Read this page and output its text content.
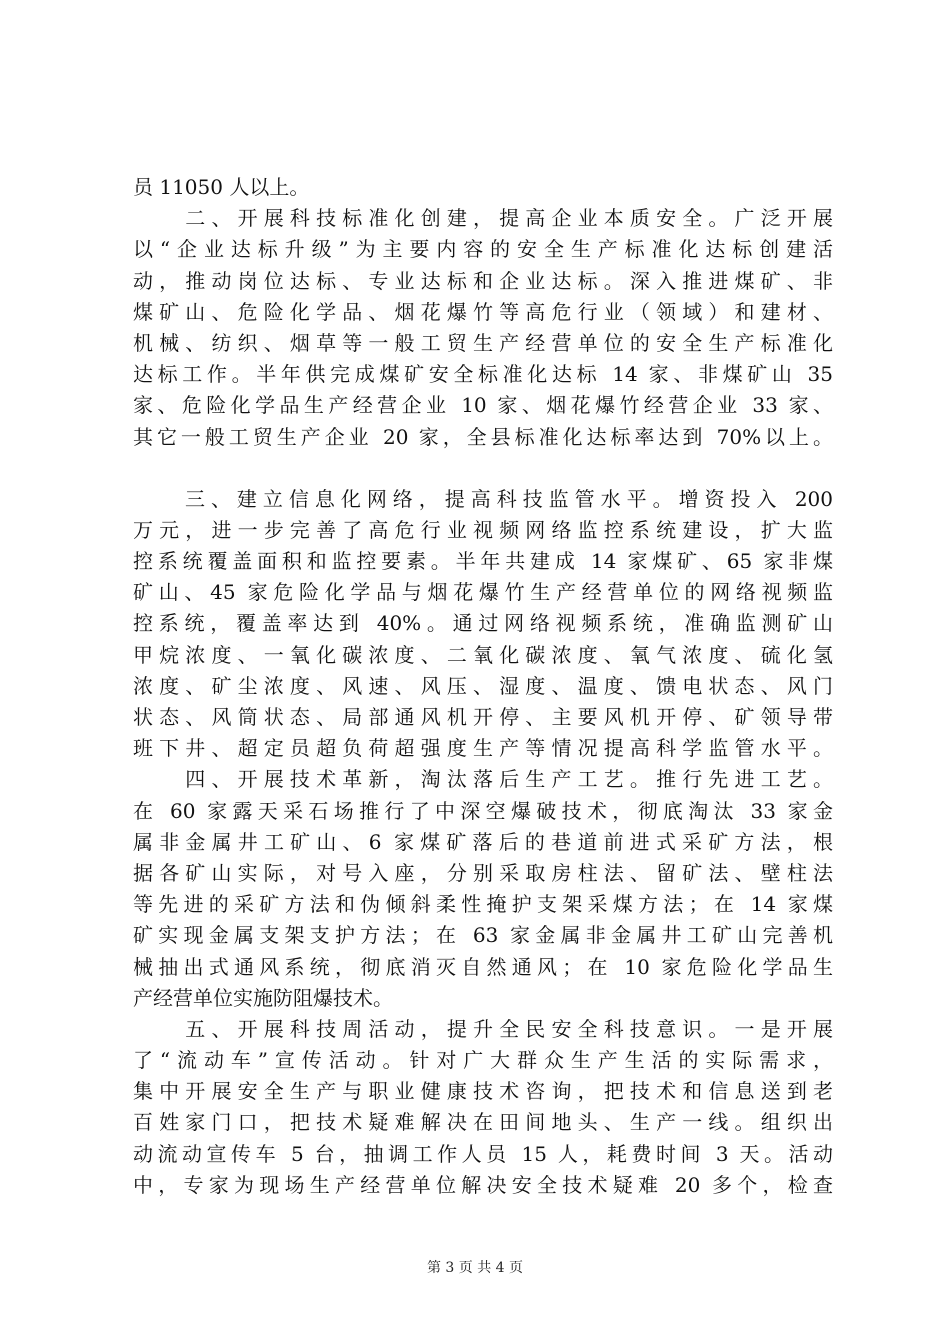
员 11050 人以上。
　　二、开展科技标准化创建，提高企业本质安全。广泛开展
以“企业达标升级”为主要内容的安全生产标准化达标创建活
动，推动岗位达标、专业达标和企业达标。深入推进煤矿、非
煤矿山、危险化学品、烟花爆竹等高危行业（领域）和建材、
机械、纺织、烟草等一般工贸生产经营单位的安全生产标准化
达标工作。半年供完成煤矿安全标准化达标 14 家、非煤矿山 35
家、危险化学品生产经营企业 10 家、烟花爆竹经营企业 33 家、
其它一般工贸生产企业 20 家，全县标准化达标率达到 70%以上。
　　三、建立信息化网络，提高科技监管水平。增资投入 200
万元，进一步完善了高危行业视频网络监控系统建设，扩大监
控系统覆盖面积和监控要素。半年共建成 14 家煤矿、65 家非煤
矿山、45 家危险化学品与烟花爆竹生产经营单位的网络视频监
控系统，覆盖率达到 40%。通过网络视频系统，准确监测矿山
甲烷浓度、一氧化碳浓度、二氧化碳浓度、氧气浓度、硫化氢
浓度、矿尘浓度、风速、风压、湿度、温度、馈电状态、风门
状态、风筒状态、局部通风机开停、主要风机开停、矿领导带
班下井、超定员超负荷超强度生产等情况提高科学监管水平。
　　四、开展技术革新，淘汰落后生产工艺。推行先进工艺。
在 60 家露天采石场推行了中深空爆破技术，彻底淘汰 33 家金
属非金属井工矿山、6 家煤矿落后的巷道前进式采矿方法，根
据各矿山实际，对号入座，分别采取房柱法、留矿法、壁柱法
等先进的采矿方法和伪倾斜柔性掩护支架采煤方法；在 14 家煤
矿实现金属支架支护方法；在 63 家金属非金属井工矿山完善机
械抽出式通风系统，彻底消灭自然通风；在 10 家危险化学品生
产经营单位实施防阻爆技术。
　　五、开展科技周活动，提升全民安全科技意识。一是开展
了“流动车”宣传活动。针对广大群众生产生活的实际需求，
集中开展安全生产与职业健康技术咨询，把技术和信息送到老
百姓家门口，把技术疑难解决在田间地头、生产一线。组织出
动流动宣传车 5 台，抽调工作人员 15 人，耗费时间 3 天。活动
中，专家为现场生产经营单位解决安全技术疑难 20 多个，检查
第 3 页 共 4 页
